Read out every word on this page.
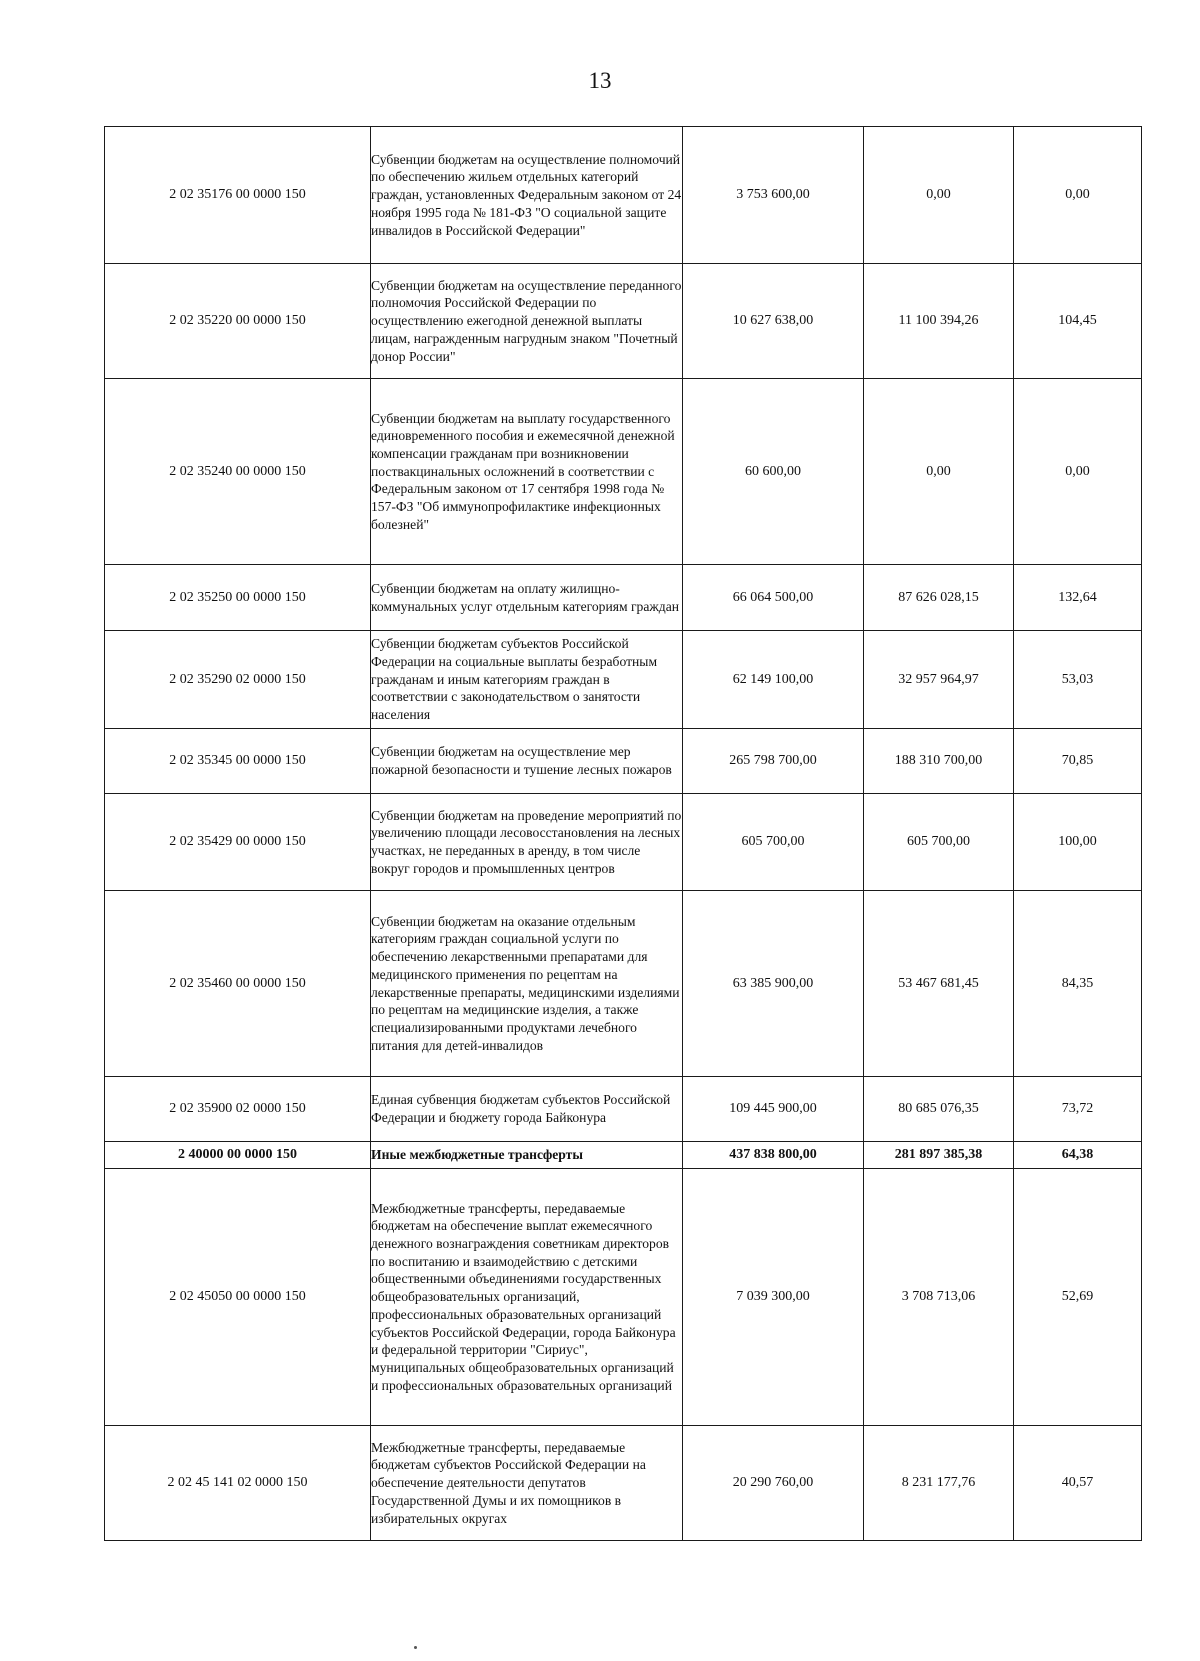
13
2 02 35176 00 0000 150	Субвенции бюджетам на осуществление полномочий по обеспечению жильем отдельных категорий граждан, установленных Федеральным законом от 24 ноября 1995 года № 181-ФЗ "О социальной защите инвалидов в Российской Федерации"	3 753 600,00	0,00	0,00
2 02 35220 00 0000 150	Субвенции бюджетам на осуществление переданного полномочия Российской Федерации по осуществлению ежегодной денежной выплаты лицам, награжденным нагрудным знаком "Почетный донор России"	10 627 638,00	11 100 394,26	104,45
2 02 35240 00 0000 150	Субвенции бюджетам на выплату государственного единовременного пособия и ежемесячной денежной компенсации гражданам при возникновении поствакцинальных осложнений в соответствии с Федеральным законом от 17 сентября 1998 года № 157-ФЗ "Об иммунопрофилактике инфекционных болезней"	60 600,00	0,00	0,00
2 02 35250 00 0000 150	Субвенции бюджетам на оплату жилищно-коммунальных услуг отдельным категориям граждан	66 064 500,00	87 626 028,15	132,64
2 02 35290 02 0000 150	Субвенции бюджетам субъектов Российской Федерации на социальные выплаты безработным гражданам и иным категориям граждан в соответствии с законодательством о занятости населения	62 149 100,00	32 957 964,97	53,03
2 02 35345 00 0000 150	Субвенции бюджетам на осуществление мер пожарной безопасности и тушение лесных пожаров	265 798 700,00	188 310 700,00	70,85
2 02 35429 00 0000 150	Субвенции бюджетам на проведение мероприятий по увеличению площади лесовосстановления на лесных участках, не переданных в аренду, в том числе вокруг городов и промышленных центров	605 700,00	605 700,00	100,00
2 02 35460 00 0000 150	Субвенции бюджетам на оказание отдельным категориям граждан социальной услуги по обеспечению лекарственными препаратами для медицинского применения по рецептам на лекарственные препараты, медицинскими изделиями по рецептам на медицинские изделия, а также специализированными продуктами лечебного питания для детей-инвалидов	63 385 900,00	53 467 681,45	84,35
2 02 35900 02 0000 150	Единая субвенция бюджетам субъектов Российской Федерации и бюджету города Байконура	109 445 900,00	80 685 076,35	73,72
2 40000 00 0000 150	Иные межбюджетные трансферты	437 838 800,00	281 897 385,38	64,38
2 02 45050 00 0000 150	Межбюджетные трансферты, передаваемые бюджетам на обеспечение выплат ежемесячного денежного вознаграждения советникам директоров по воспитанию и взаимодействию с детскими общественными объединениями государственных общеобразовательных организаций, профессиональных образовательных организаций субъектов Российской Федерации, города Байконура и федеральной территории "Сириус", муниципальных общеобразовательных организаций и профессиональных образовательных организаций	7 039 300,00	3 708 713,06	52,69
2 02 45 141 02 0000 150	Межбюджетные трансферты, передаваемые бюджетам субъектов Российской Федерации на обеспечение деятельности депутатов Государственной Думы и их помощников в избирательных округах	20 290 760,00	8 231 177,76	40,57
